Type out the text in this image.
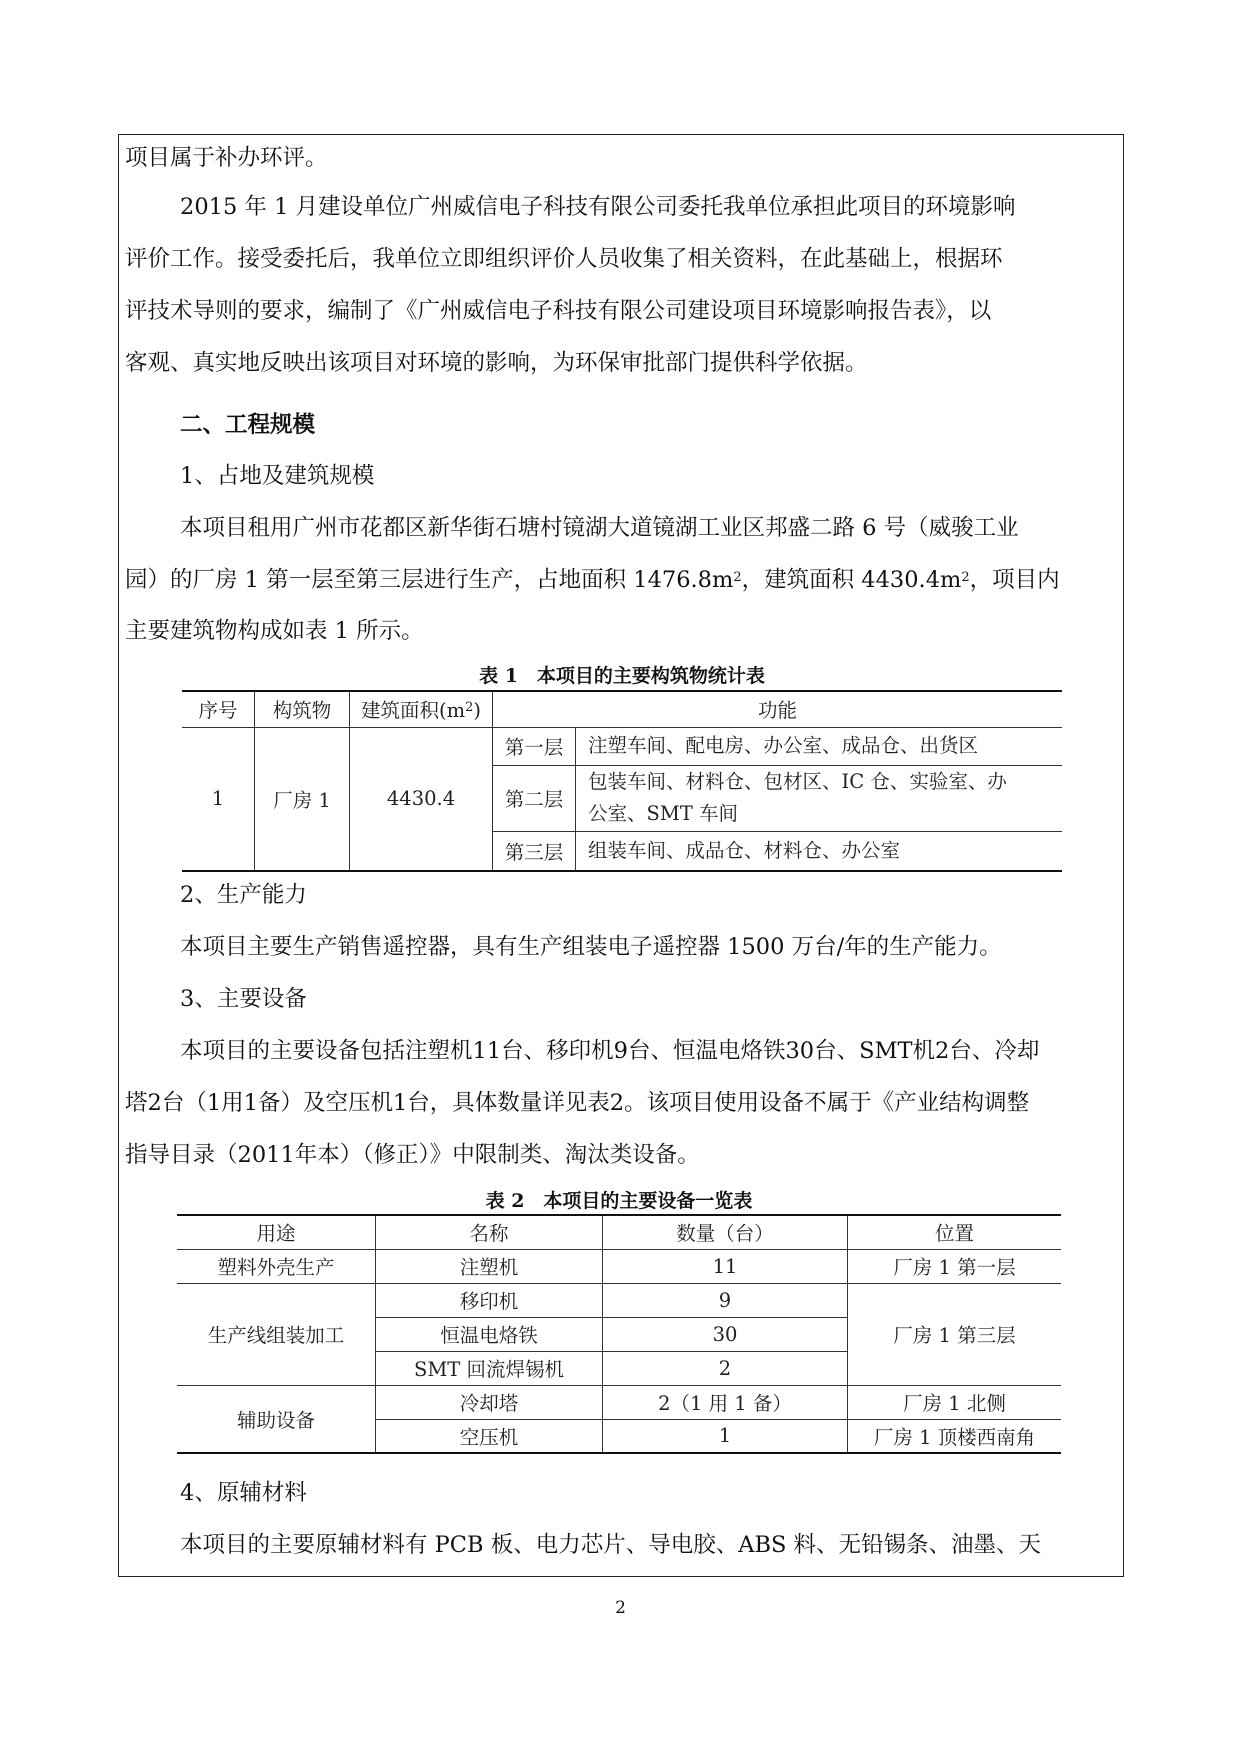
项目属于补办环评。
2015 年 1 月建设单位广州威信电子科技有限公司委托我单位承担此项目的环境影响
评价工作。接受委托后，我单位立即组织评价人员收集了相关资料，在此基础上，根据环
评技术导则的要求，编制了《广州威信电子科技有限公司建设项目环境影响报告表》，以
客观、真实地反映出该项目对环境的影响，为环保审批部门提供科学依据。
二、工程规模
1、占地及建筑规模
本项目租用广州市花都区新华街石塘村镜湖大道镜湖工业区邦盛二路 6 号（威骏工业
园）的厂房 1 第一层至第三层进行生产，占地面积 $1476.8m^2$，建筑面积 $4430.4m^2$，项目内
主要建筑物构成如表 1 所示。
表 1　本项目的主要构筑物统计表
序号	构筑物	建筑面积$(m^2)$	功能	
1	厂房 1	4430.4	第一层	注塑车间、配电房、办公室、成品仓、出货区
			第二层	包装车间、材料仓、包材区、IC 仓、实验室、办
公室、SMT 车间

			第三层	组装车间、成品仓、材料仓、办公室
2、生产能力
本项目主要生产销售遥控器，具有生产组装电子遥控器 1500 万台/年的生产能力。
3、主要设备
本项目的主要设备包括注塑机11台、移印机9台、恒温电烙铁30台、SMT机2台、冷却
塔2台（1用1备）及空压机1台，具体数量详见表2。该项目使用设备不属于《产业结构调整
指导目录（2011年本）（修正）》中限制类、淘汰类设备。
表 2　本项目的主要设备一览表
用途	名称	数量（台）	位置
塑料外壳生产	注塑机	11	厂房 1 第一层
生产线组装加工	移印机	9	厂房 1 第三层
	恒温电烙铁	30	
	SMT 回流焊锡机	2	
辅助设备	冷却塔	2（1 用 1 备）	厂房 1 北侧
	空压机	1	厂房 1 顶楼西南角
4、原辅材料
本项目的主要原辅材料有 PCB 板、电力芯片、导电胶、ABS 料、无铅锡条、油墨、天
2
